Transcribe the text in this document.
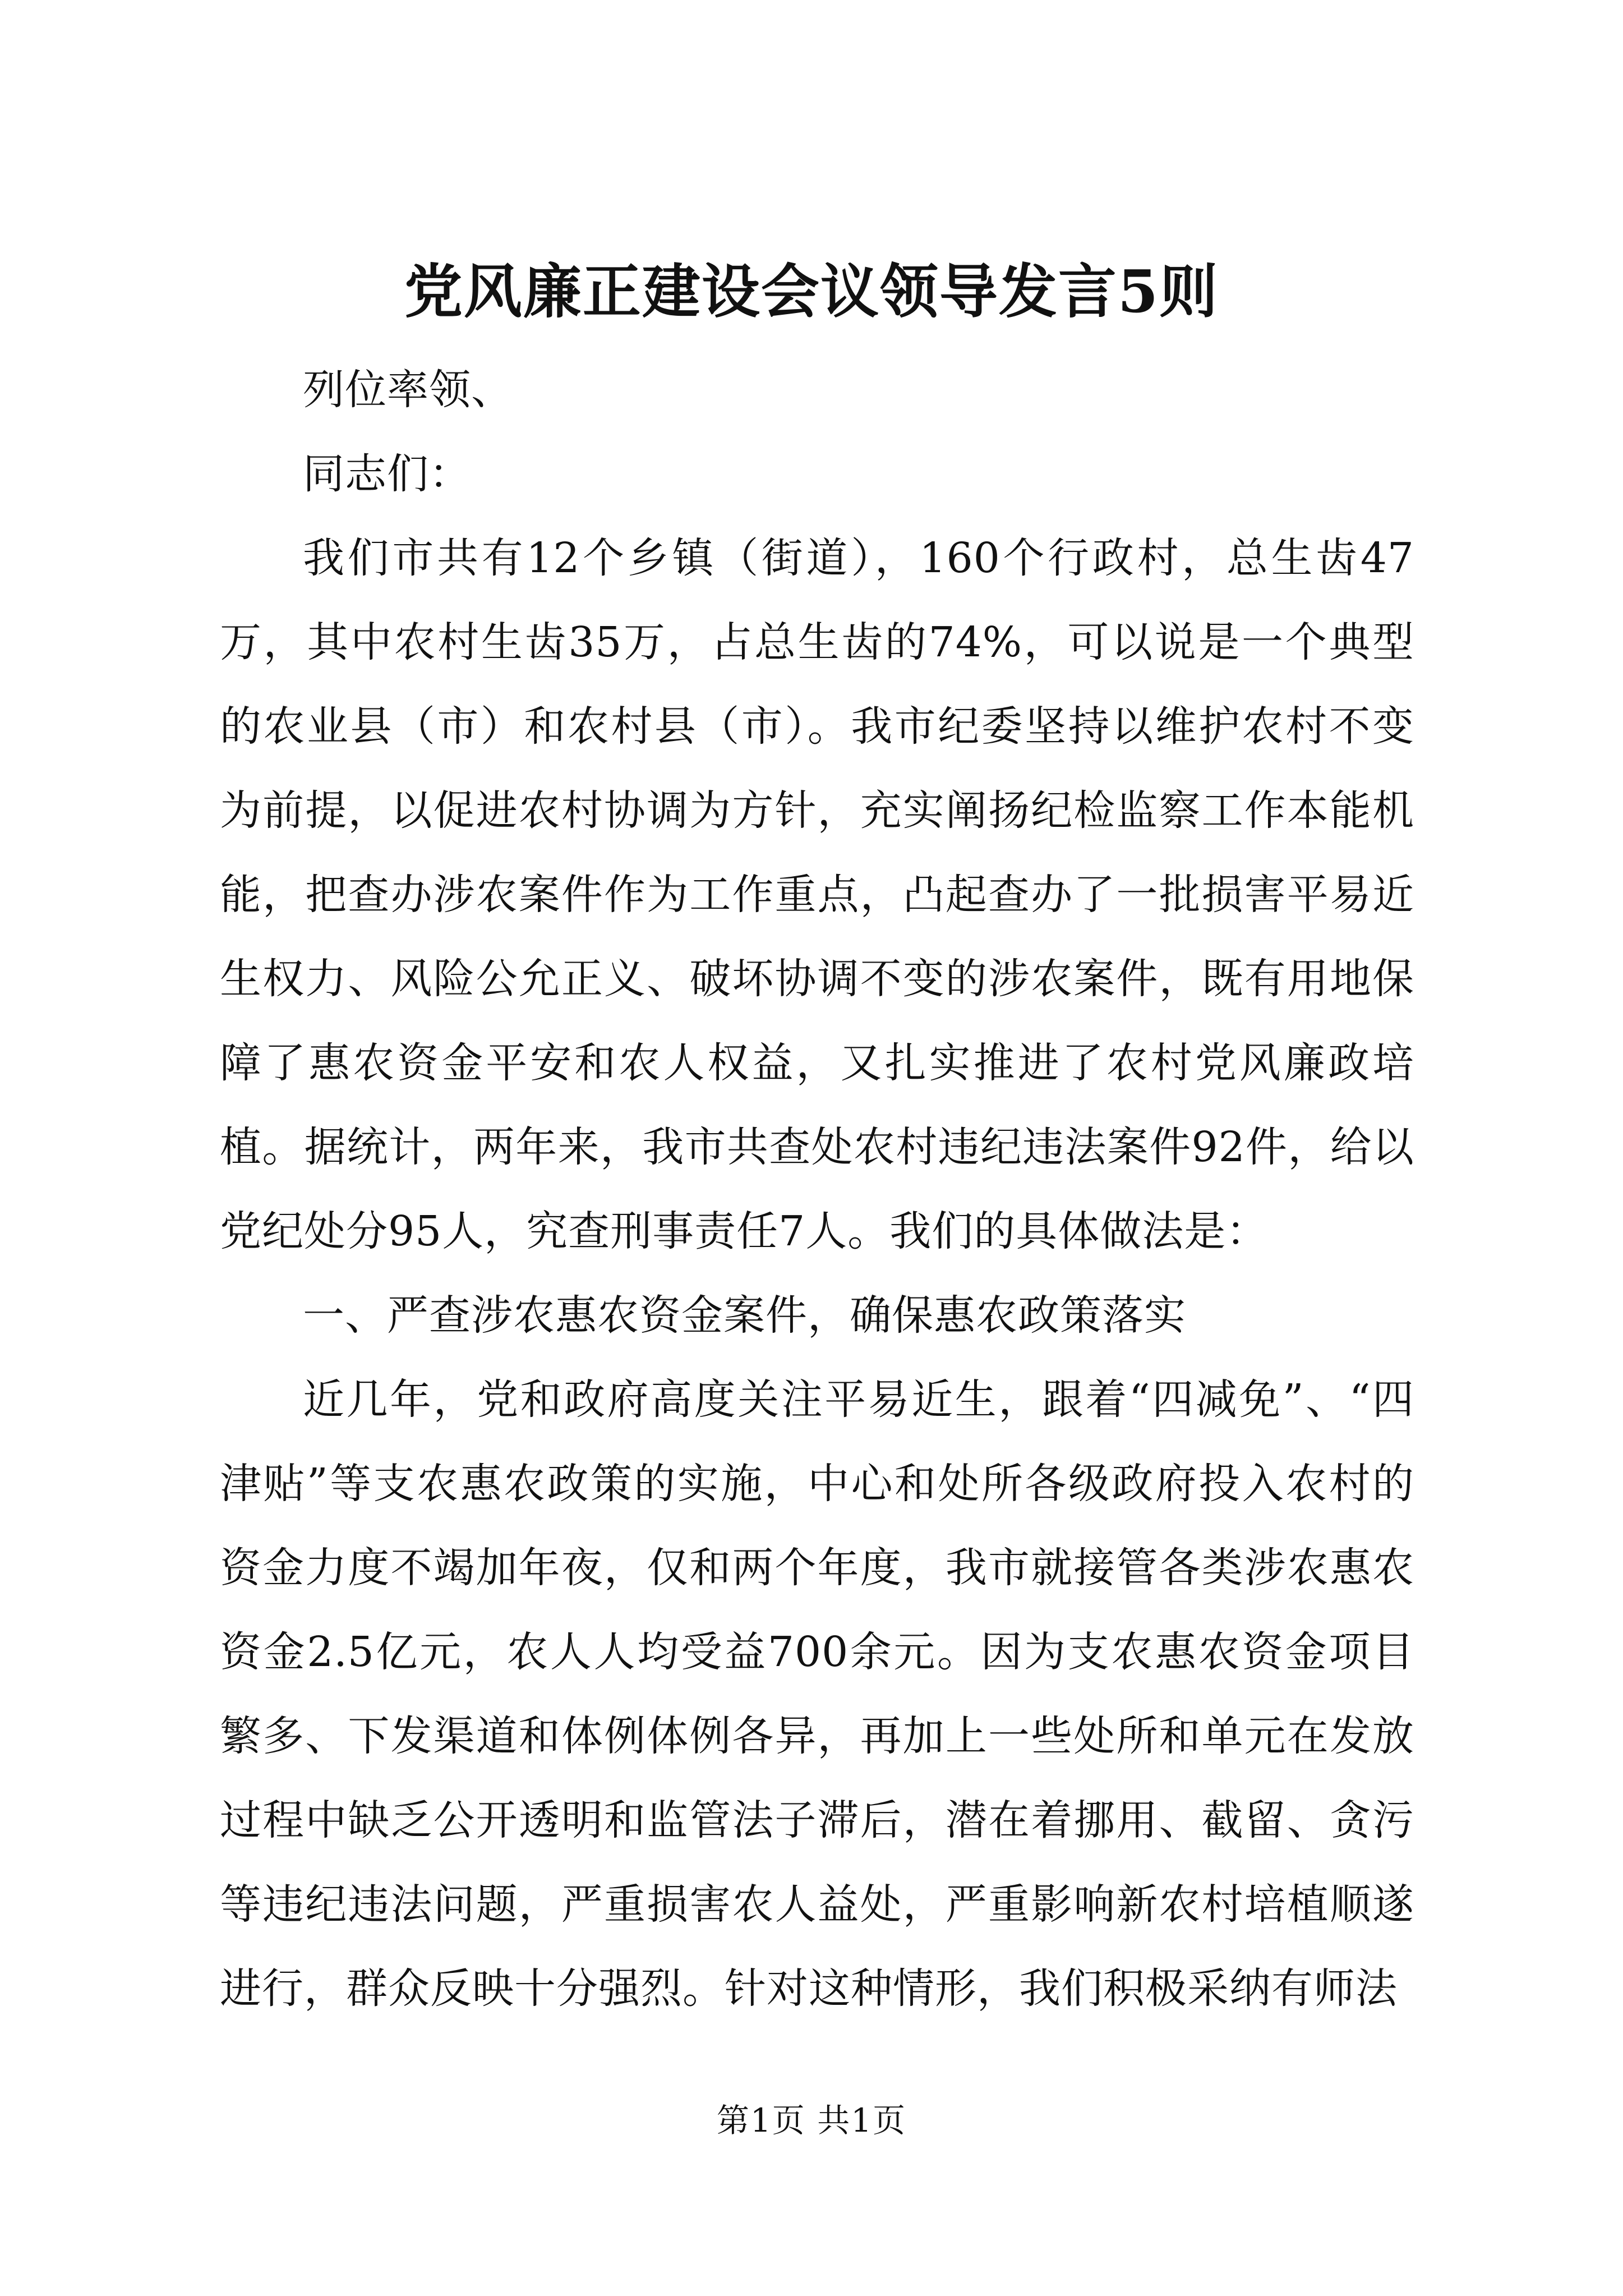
党风廉正建设会议领导发言5则

列位率领、

同志们：

我们市共有12个乡镇（街道），160个行政村，总生齿47万，其中农村生齿35万，占总生齿的74%，可以说是一个典型的农业县（市）和农村县（市）。我市纪委坚持以维护农村不变为前提，以促进农村协调为方针，充实阐扬纪检监察工作本能机能，把查办涉农案件作为工作重点，凸起查办了一批损害平易近生权力、风险公允正义、破坏协调不变的涉农案件，既有用地保障了惠农资金平安和农人权益，又扎实推进了农村党风廉政培植。据统计，两年来，我市共查处农村违纪违法案件92件，给以党纪处分95人，究查刑事责任7人。我们的具体做法是：

一、严查涉农惠农资金案件，确保惠农政策落实

近几年，党和政府高度关注平易近生，跟着“四减免”、“四津贴”等支农惠农政策的实施，中心和处所各级政府投入农村的资金力度不竭加年夜，仅和两个年度，我市就接管各类涉农惠农资金2.5亿元，农人人均受益700余元。因为支农惠农资金项目繁多、下发渠道和体例体例各异，再加上一些处所和单元在发放过程中缺乏公开透明和监管法子滞后，潜在着挪用、截留、贪污等违纪违法问题，严重损害农人益处，严重影响新农村培植顺遂进行，群众反映十分强烈。针对这种情形，我们积极采纳有师法

第1页 共1页
